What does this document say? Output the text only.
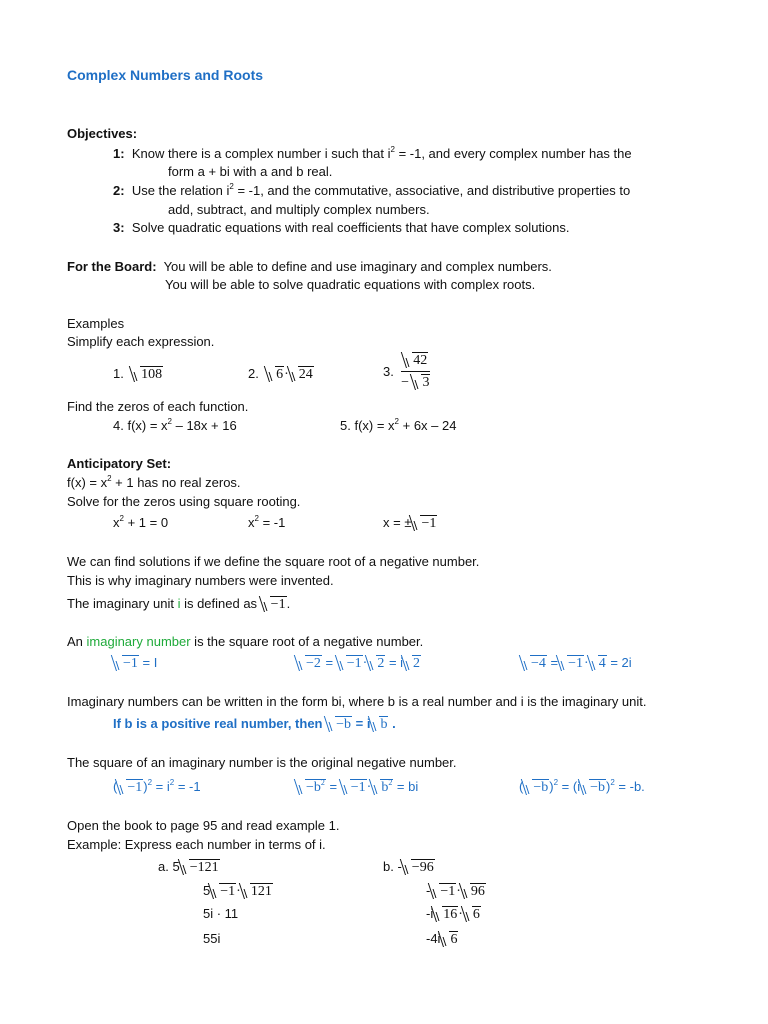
Complex Numbers and Roots
Objectives:
1: Know there is a complex number i such that $i^2 = -1$, and every complex number has the
form a + bi with a and b real.
2: Use the relation $i^2 = -1$, and the commutative, associative, and distributive properties to
add, subtract, and multiply complex numbers.
3: Solve quadratic equations with real coefficients that have complex solutions.
For the Board: You will be able to define and use imaginary and complex numbers.
You will be able to solve quadratic equations with complex roots.
Examples
Simplify each expression.
1. 108	2. 6· 24	3. $\frac{42}{- 3}$
Find the zeros of each function.
4. $f(x) = x^2 - 18x + 16$	5. $f(x) = x^2 + 6x - 24$
Anticipatory Set:
$f(x) = x^2 + 1$ has no real zeros.
Solve for the zeros using square rooting.
$x^2 + 1 = 0$	$x^2 = -1$	x = ± −1
We can find solutions if we define the square root of a negative number.
This is why imaginary numbers were invented.
The imaginary unit i is defined as −1.
An imaginary number is the square root of a negative number.
−1 = I	−2 = −1· 2 = i 2	−4 = −1· 4 = 2i
Imaginary numbers can be written in the form bi, where b is a real number and i is the imaginary unit.
If b is a positive real number, then −b = i b .
The square of an imaginary number is the original negative number.
( $-1)^2 = i^2 = -1$	$-b^2 = -1\cdot b^2$ = bi	( $-b)^2 = (i -b)^2 = -b$.
Open the book to page 95 and read example 1.
Example: Express each number in terms of i.
a. 5 −121
5 −1· 121
5i · 11
55i
b. - −96
- −1· 96
-i 16· 6
-4i 6
